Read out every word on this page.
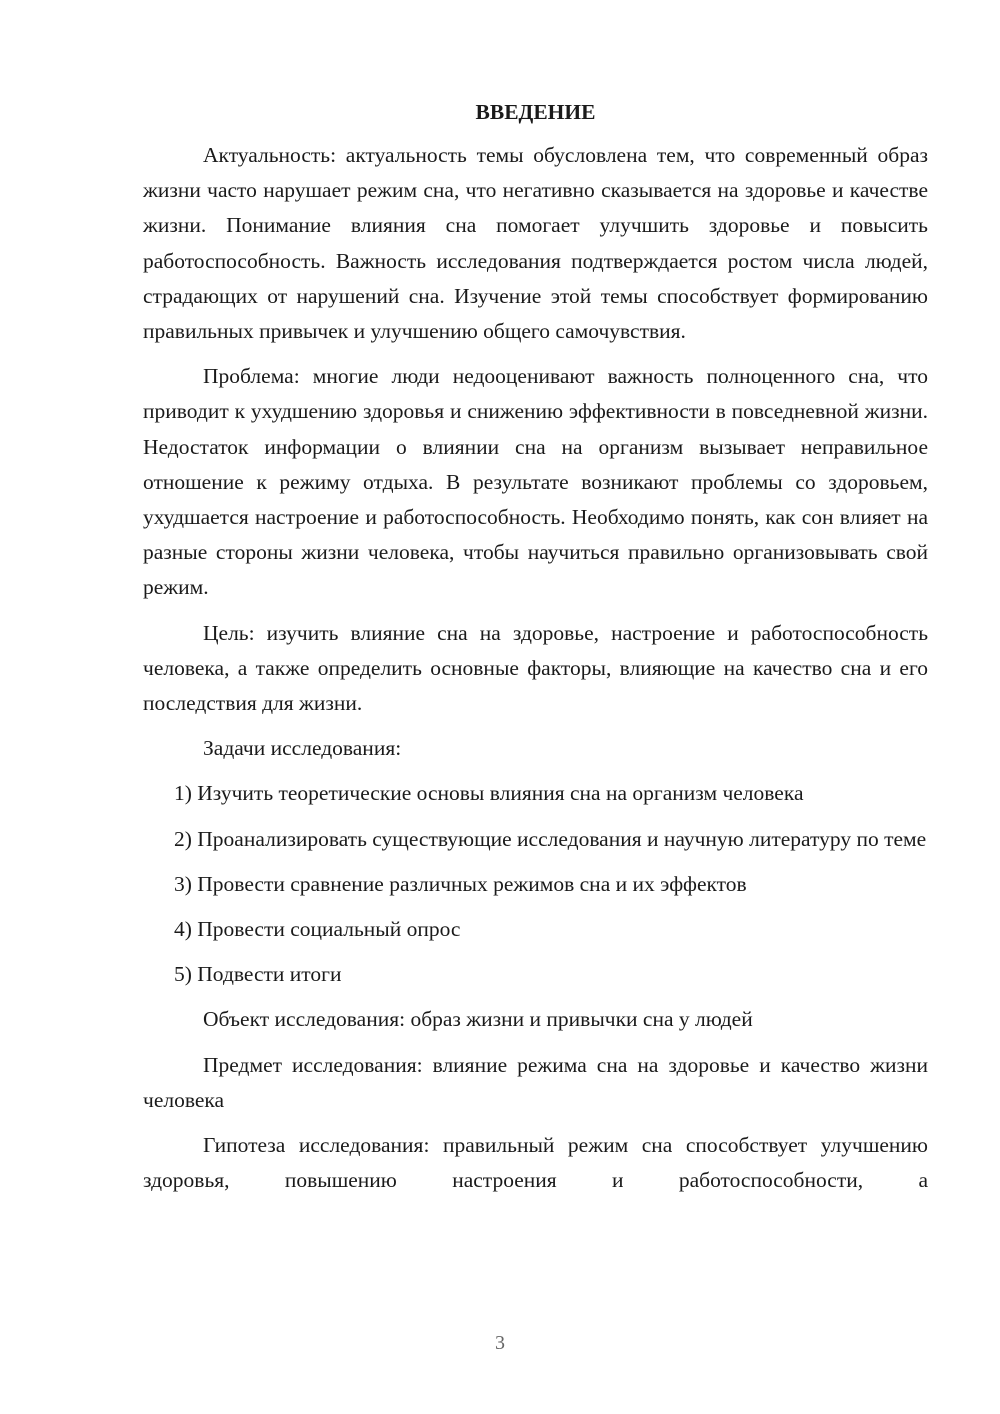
ВВЕДЕНИЕ
Актуальность: актуальность темы обусловлена тем, что современный образ жизни часто нарушает режим сна, что негативно сказывается на здоровье и качестве жизни. Понимание влияния сна помогает улучшить здоровье и повысить работоспособность. Важность исследования подтверждается ростом числа людей, страдающих от нарушений сна. Изучение этой темы способствует формированию правильных привычек и улучшению общего самочувствия.
Проблема: многие люди недооценивают важность полноценного сна, что приводит к ухудшению здоровья и снижению эффективности в повседневной жизни. Недостаток информации о влиянии сна на организм вызывает неправильное отношение к режиму отдыха. В результате возникают проблемы со здоровьем, ухудшается настроение и работоспособность. Необходимо понять, как сон влияет на разные стороны жизни человека, чтобы научиться правильно организовывать свой режим.
Цель: изучить влияние сна на здоровье, настроение и работоспособность человека, а также определить основные факторы, влияющие на качество сна и его последствия для жизни.
Задачи исследования:
1) Изучить теоретические основы влияния сна на организм человека
2) Проанализировать существующие исследования и научную литературу по теме
3) Провести сравнение различных режимов сна и их эффектов
4) Провести социальный опрос
5) Подвести итоги
Объект исследования: образ жизни и привычки сна у людей
Предмет исследования: влияние режима сна на здоровье и качество жизни человека
Гипотеза исследования: правильный режим сна способствует улучшению здоровья, повышению настроения и работоспособности, а
3
